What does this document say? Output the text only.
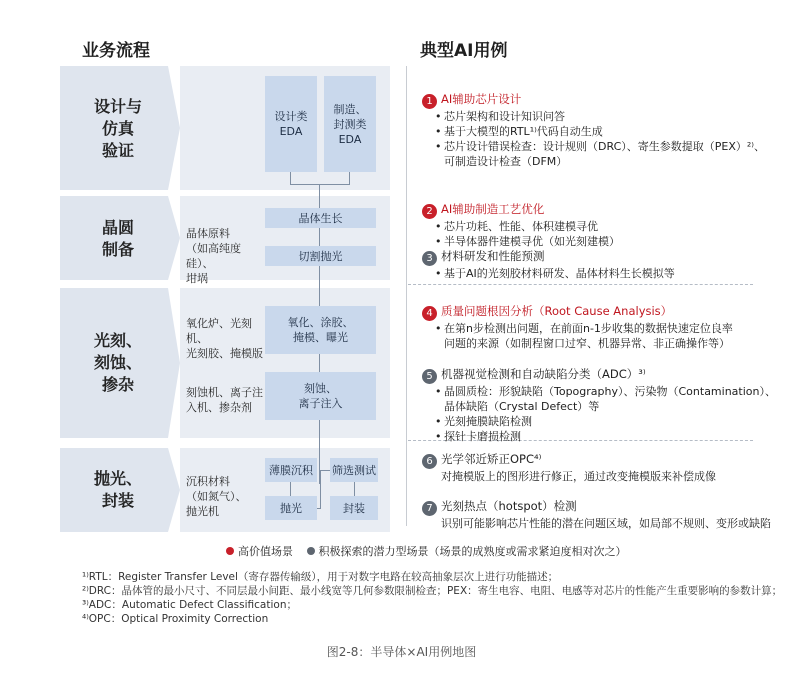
业务流程	典型AI用例
设计与
仿真
验证
晶圆
制备
光刻、
刻蚀、
掺杂
抛光、
封装
设计类
EDA
制造、
封测类
EDA
晶体原料
（如高纯度硅）、
坩埚
晶体生长
切割抛光
氧化炉、光刻机、
光刻胶、掩模版
氧化、涂胶、
掩模、曝光
刻蚀机、离子注
入机、掺杂剂
刻蚀、
离子注入
沉积材料
（如氮气）、
抛光机
薄膜沉积
抛光
筛选测试
封装
1 AI辅助芯片设计
• 芯片架构和设计知识问答
• 基于大模型的RTL¹⁾代码自动生成
• 芯片设计错误检查：设计规则（DRC）、寄生参数提取（PEX）²⁾、
可制造设计检查（DFM）
2 AI辅助制造工艺优化
• 芯片功耗、性能、体积建模寻优
• 半导体器件建模寻优（如光刻建模）
3 材料研发和性能预测
• 基于AI的光刻胶材料研发、晶体材料生长模拟等
4 质量问题根因分析（Root Cause Analysis）
• 在第n步检测出问题，在前面n-1步收集的数据快速定位良率
问题的来源（如制程窗口过窄、机器异常、非正确操作等）
5 机器视觉检测和自动缺陷分类（ADC）³⁾
• 晶圆质检：形貌缺陷（Topography）、污染物（Contamination）、
晶体缺陷（Crystal Defect）等
• 光刻掩膜缺陷检测
• 探针卡磨损检测
6 光学邻近矫正OPC⁴⁾
对掩模版上的图形进行修正，通过改变掩模版来补偿成像
7 光刻热点（hotspot）检测
识别可能影响芯片性能的潜在问题区域，如局部不规则、变形或缺陷
高价值场景 积极探索的潜力型场景（场景的成熟度或需求紧迫度相对次之）
¹⁾RTL：Register Transfer Level（寄存器传输级），用于对数字电路在较高抽象层次上进行功能描述；
²⁾DRC：晶体管的最小尺寸、不同层最小间距、最小线宽等几何参数限制检查；PEX：寄生电容、电阻、电感等对芯片的性能产生重要影响的参数计算；
³⁾ADC：Automatic Defect Classification；
⁴⁾OPC：Optical Proximity Correction
图2-8：半导体×AI用例地图
